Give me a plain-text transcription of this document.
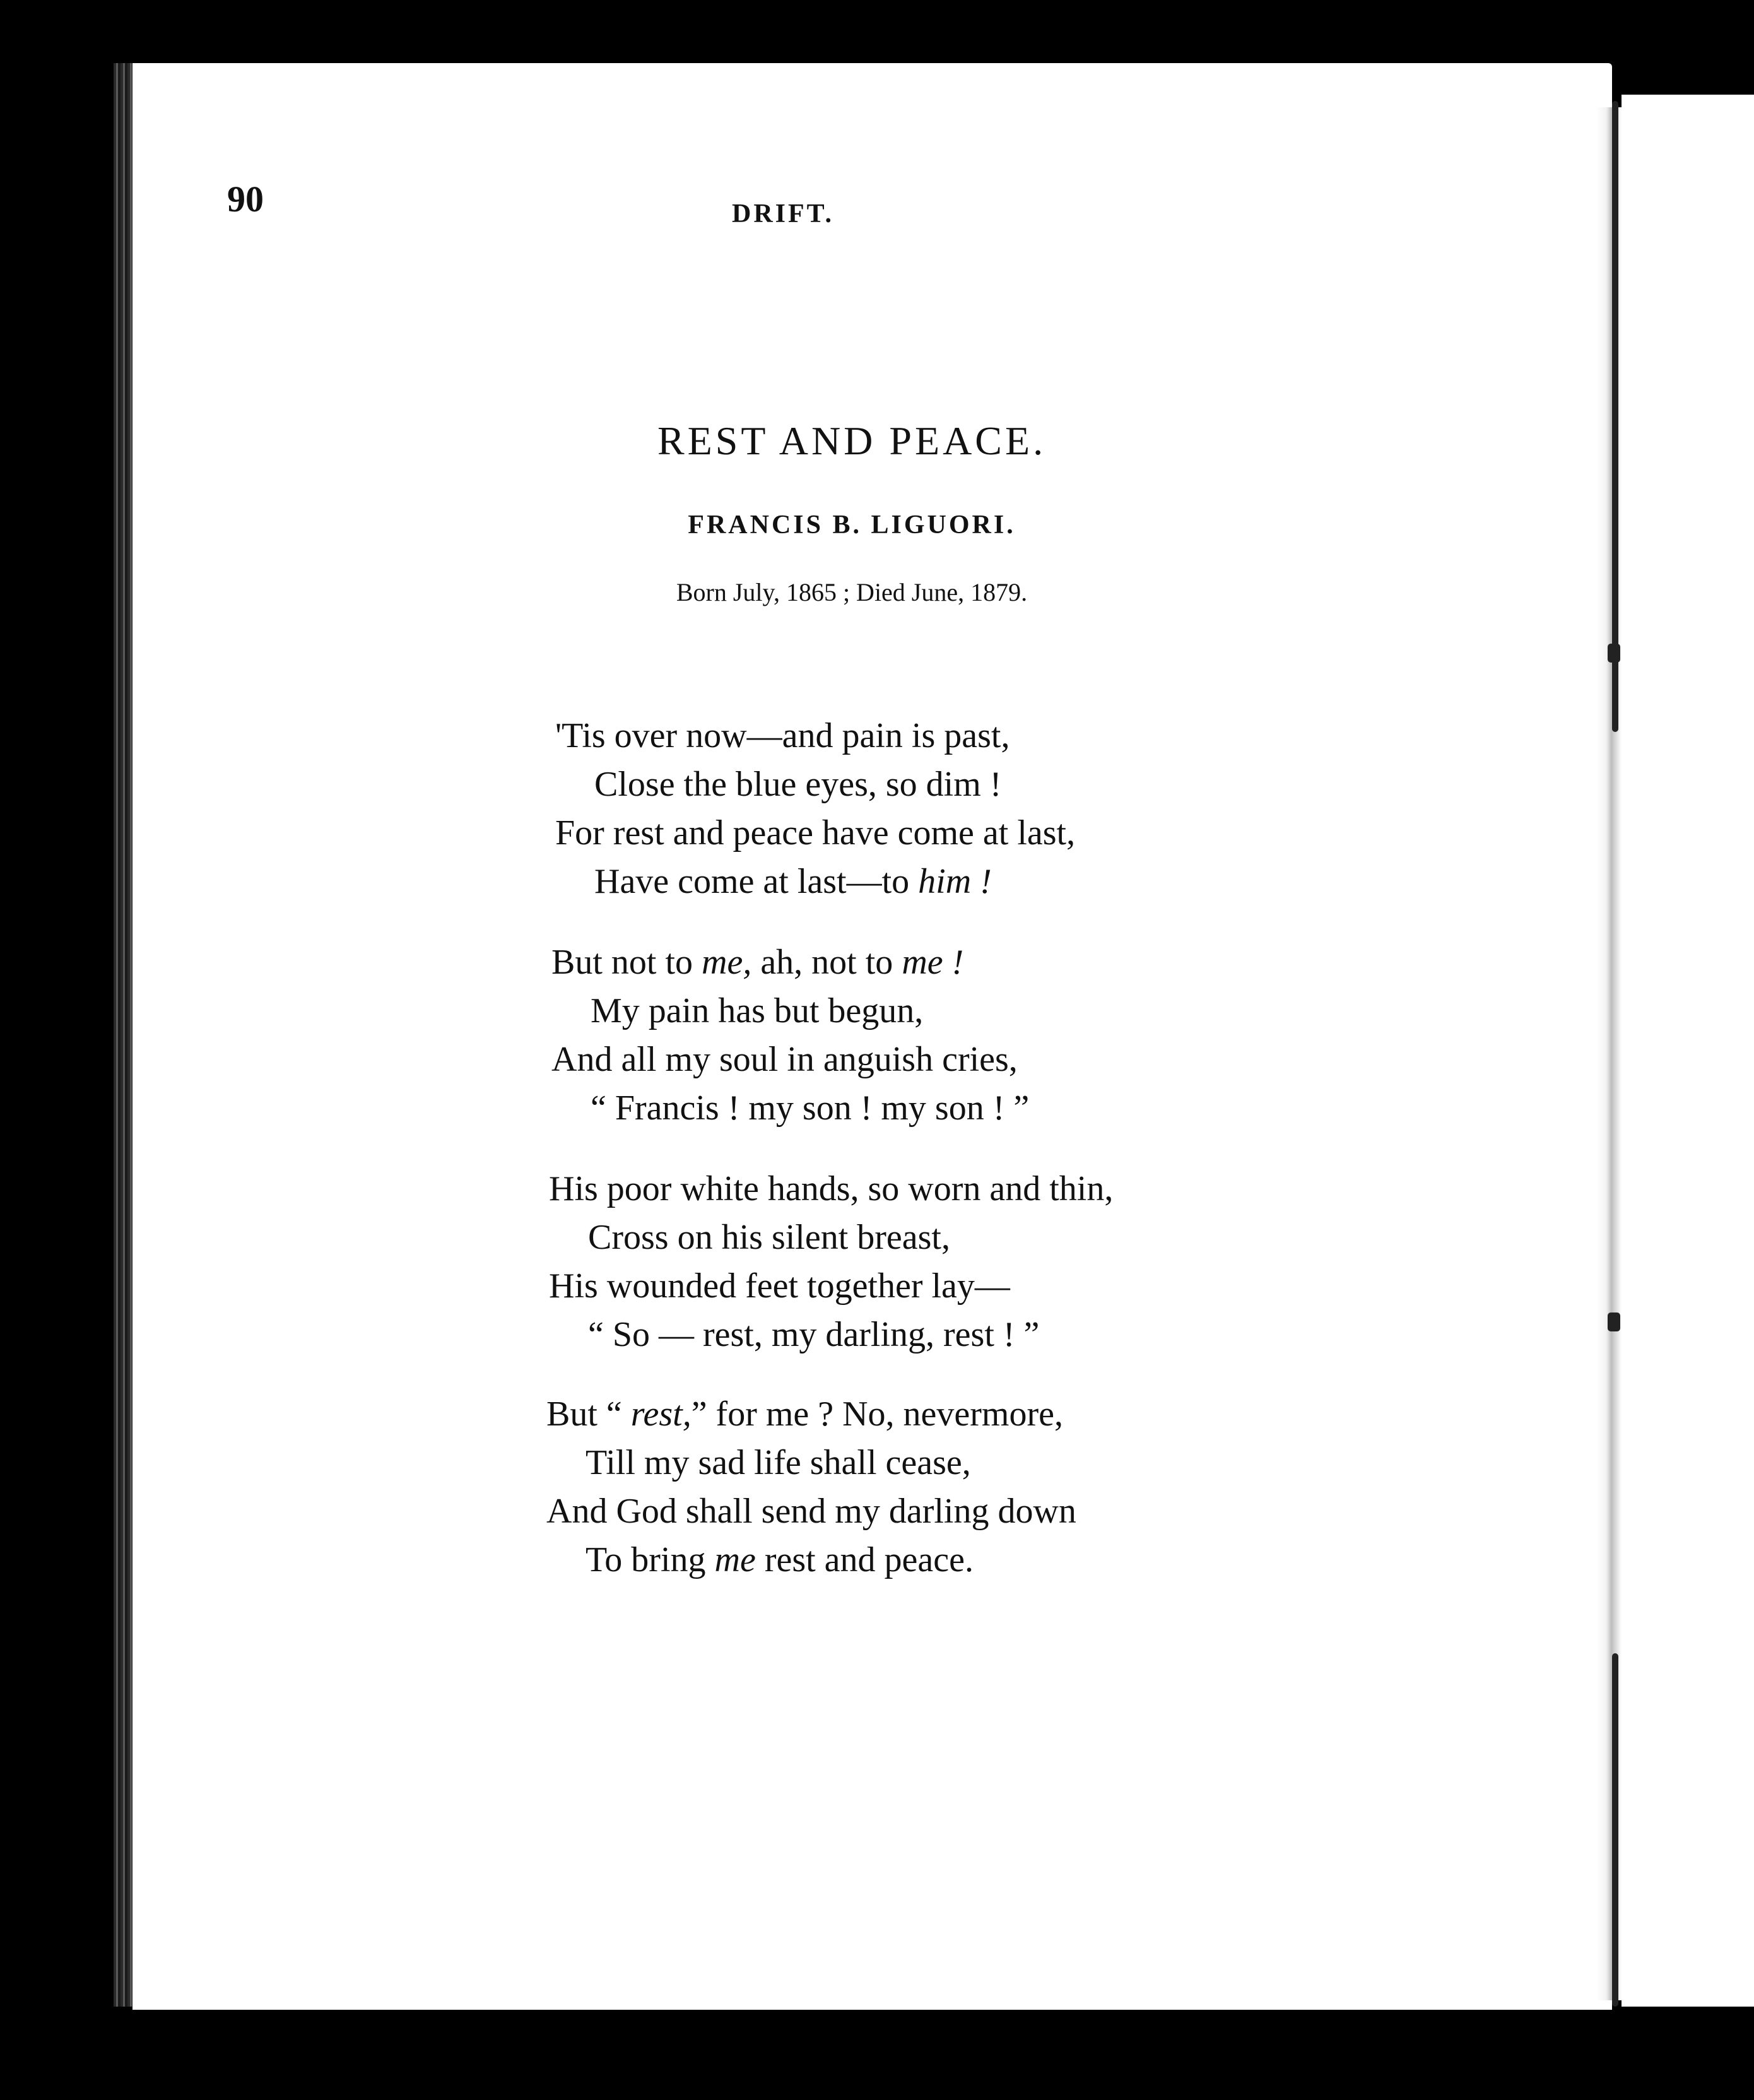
90	DRIFT.
REST AND PEACE.
FRANCIS B. LIGUORI.
Born July, 1865 ; Died June, 1879.
'Tis over now—and pain is past,
Close the blue eyes, so dim !
For rest and peace have come at last,
Have come at last—to him !
But not to me, ah, not to me !
My pain has but begun,
And all my soul in anguish cries,
“ Francis ! my son ! my son ! ”
His poor white hands, so worn and thin,
Cross on his silent breast,
His wounded feet together lay—
“ So — rest, my darling, rest ! ”
But “ rest,” for me ? No, nevermore,
Till my sad life shall cease,
And God shall send my darling down
To bring me rest and peace.
